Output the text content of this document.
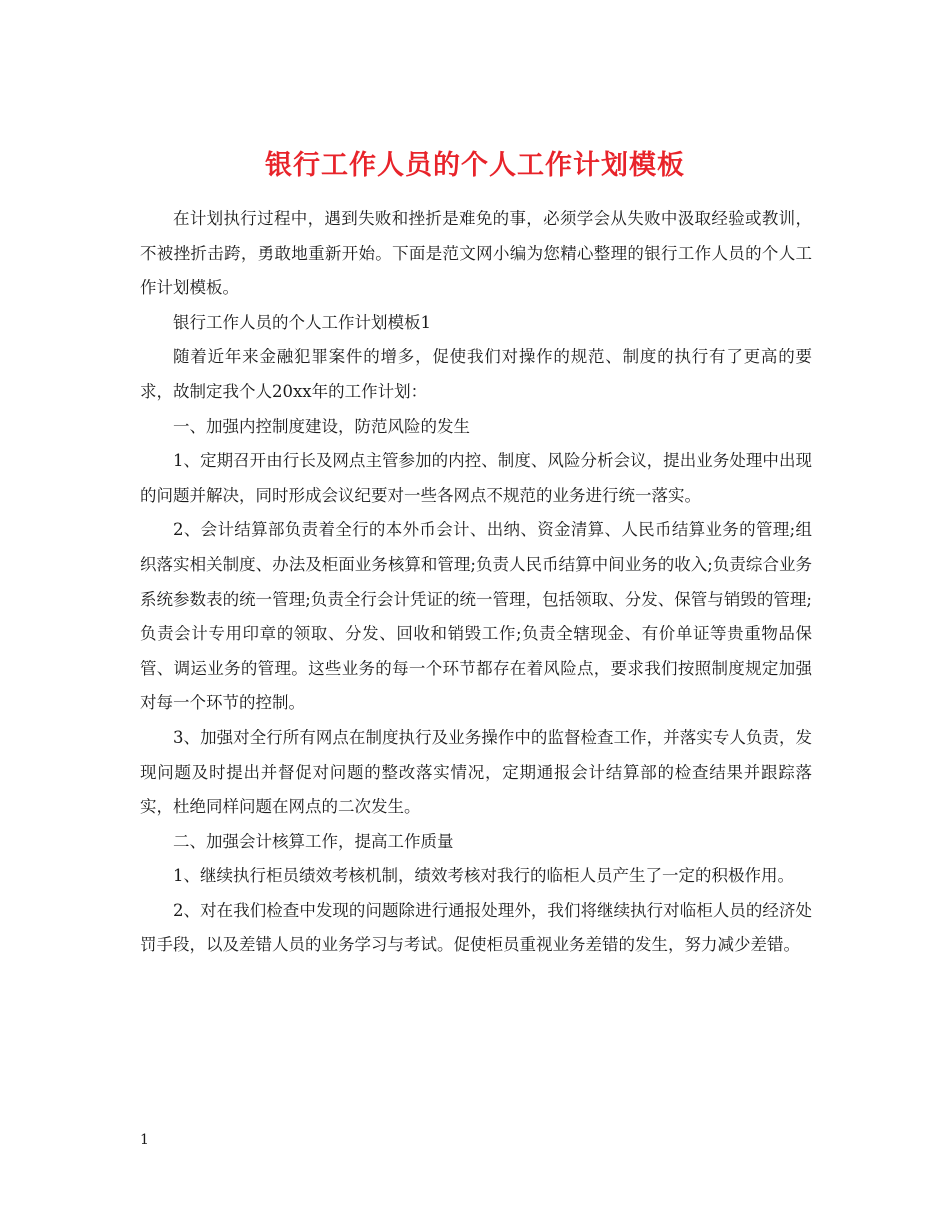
银行工作人员的个人工作计划模板

在计划执行过程中，遇到失败和挫折是难免的事，必须学会从失败中汲取经验或教训，不被挫折击跨，勇敢地重新开始。下面是范文网小编为您精心整理的银行工作人员的个人工作计划模板。

银行工作人员的个人工作计划模板1

随着近年来金融犯罪案件的增多，促使我们对操作的规范、制度的执行有了更高的要求，故制定我个人20xx年的工作计划：

一、加强内控制度建设，防范风险的发生

1、定期召开由行长及网点主管参加的内控、制度、风险分析会议，提出业务处理中出现的问题并解决，同时形成会议纪要对一些各网点不规范的业务进行统一落实。

2、会计结算部负责着全行的本外币会计、出纳、资金清算、人民币结算业务的管理;组织落实相关制度、办法及柜面业务核算和管理;负责人民币结算中间业务的收入;负责综合业务系统参数表的统一管理;负责全行会计凭证的统一管理，包括领取、分发、保管与销毁的管理;负责会计专用印章的领取、分发、回收和销毁工作;负责全辖现金、有价单证等贵重物品保管、调运业务的管理。这些业务的每一个环节都存在着风险点，要求我们按照制度规定加强对每一个环节的控制。

3、加强对全行所有网点在制度执行及业务操作中的监督检查工作，并落实专人负责，发现问题及时提出并督促对问题的整改落实情况，定期通报会计结算部的检查结果并跟踪落实，杜绝同样问题在网点的二次发生。

二、加强会计核算工作，提高工作质量

1、继续执行柜员绩效考核机制，绩效考核对我行的临柜人员产生了一定的积极作用。

2、对在我们检查中发现的问题除进行通报处理外，我们将继续执行对临柜人员的经济处罚手段，以及差错人员的业务学习与考试。促使柜员重视业务差错的发生，努力减少差错。

1
